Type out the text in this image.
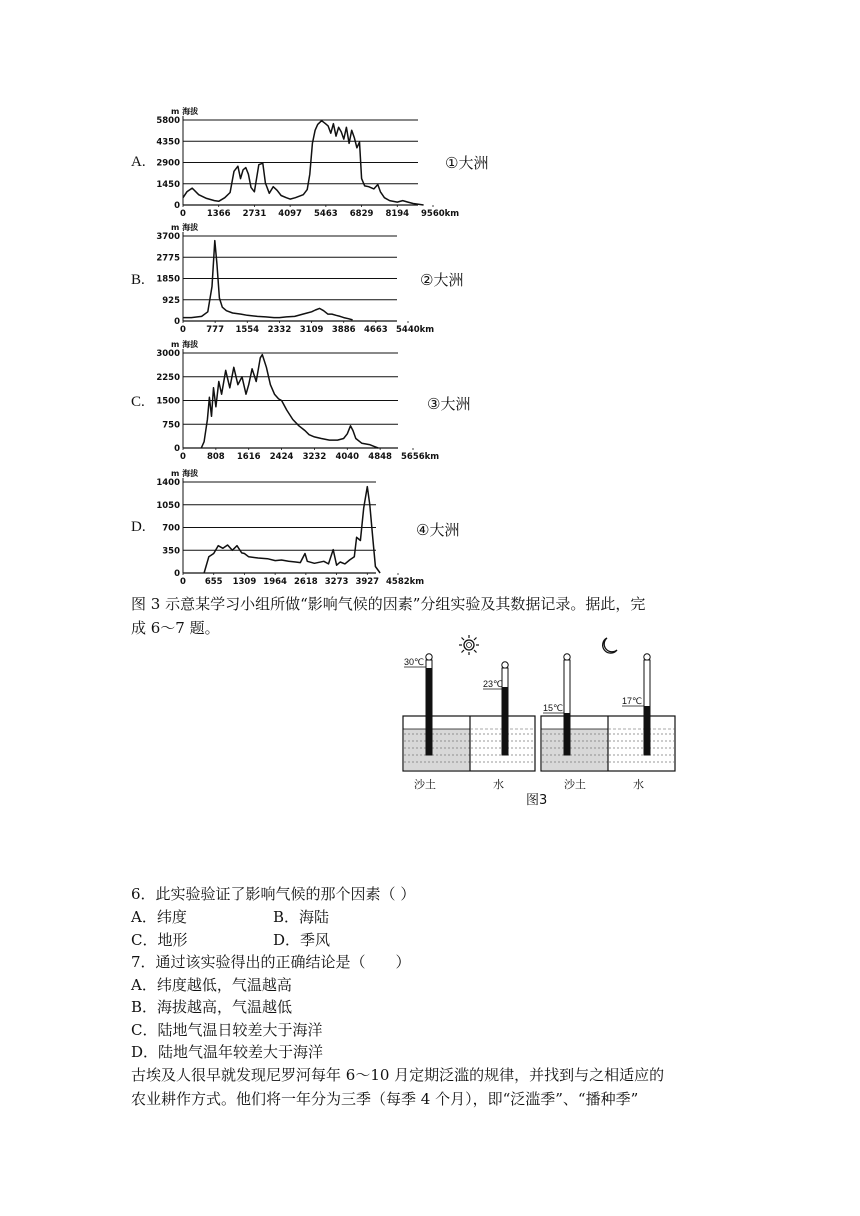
5800
4350
2900
1450
0
m 海拔
0 1366 2731 4097 5463 6829 8194 9560km
3700
2775
1850
925
0
m 海拔
0 777 1554 2332 3109 3886 4663 5440km
3000
2250
1500
750
0
m 海拔
0 808 1616 2424 3232 4040 4848 5656km
1400
1050
700
350
0
m 海拔
0 655 1309 1964 2618 3273 3927 4582km
A.	①大洲
B.	②大洲
C.	③大洲
D.	④大洲
图 3 示意某学习小组所做“影响气候的因素”分组实验及其数据记录。据此，完
成 6～7 题。
30℃
23℃
沙土	水
15℃
17℃
沙土	水
图3
6．此实验验证了影响气候的那个因素（ ）
A．纬度	B．海陆
C．地形	D．季风
7．通过该实验得出的正确结论是（　　）
A．纬度越低，气温越高
B．海拔越高，气温越低
C．陆地气温日较差大于海洋
D．陆地气温年较差大于海洋
古埃及人很早就发现尼罗河每年 6～10 月定期泛滥的规律，并找到与之相适应的
农业耕作方式。他们将一年分为三季（每季 4 个月），即“泛滥季”、“播种季”
